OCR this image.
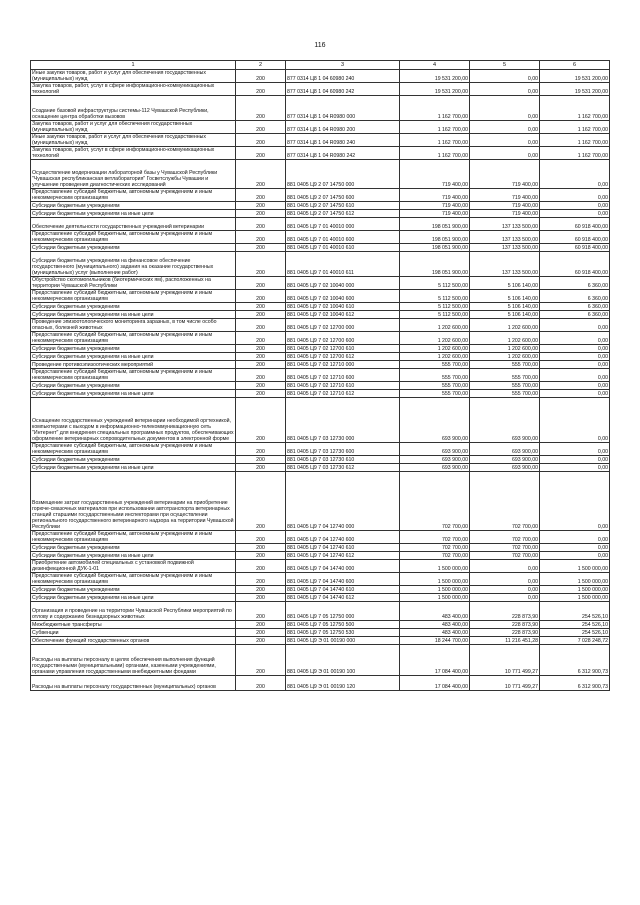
116
1	2	3	4	5	6
Иные закупки товаров, работ и услуг для обеспечения государственных (муниципальных) нужд	200	877 0314 Ц8 1 04 60980 240	19 531 200,00	0,00	19 531 200,00
Закупка товаров, работ, услуг в сфере информационно-коммуникационных технологий	200	877 0314 Ц8 1 04 60980 242	19 531 200,00	0,00	19 531 200,00
Создание базовой инфраструктуры системы-112 Чувашской Республики, оснащение центра обработки вызовов	200	877 0314 Ц8 1 04 R0980 000	1 162 700,00	0,00	1 162 700,00
Закупка товаров, работ и услуг для обеспечения государственных (муниципальных) нужд	200	877 0314 Ц8 1 04 R0980 200	1 162 700,00	0,00	1 162 700,00
Иные закупки товаров, работ и услуг для обеспечения государственных (муниципальных) нужд	200	877 0314 Ц8 1 04 R0980 240	1 162 700,00	0,00	1 162 700,00
Закупка товаров, работ, услуг в сфере информационно-коммуникационных технологий	200	877 0314 Ц8 1 04 R0980 242	1 162 700,00	0,00	1 162 700,00
Осуществление модернизации лабораторной базы у Чувашской Республики "Чувашская республиканская ветлаборатория" Госветслужбы Чувашии и улучшение проведения диагностических исследований	200	881 0405 Ц9 2 07 14750 000	719 400,00	719 400,00	0,00
Предоставление субсидий бюджетным, автономным учреждениям и иным некоммерческим организациям	200	881 0405 Ц9 2 07 14750 600	719 400,00	719 400,00	0,00
Субсидии бюджетным учреждениям	200	881 0405 Ц9 2 07 14750 610	719 400,00	719 400,00	0,00
Субсидии бюджетным учреждениям на иные цели	200	881 0405 Ц9 2 07 14750 612	719 400,00	719 400,00	0,00
Обеспечение деятельности государственных учреждений ветеринарии	200	881 0405 Ц9 7 01 40010 000	198 051 900,00	137 133 500,00	60 918 400,00
Предоставление субсидий бюджетным, автономным учреждениям и иным некоммерческим организациям	200	881 0405 Ц9 7 01 40010 600	198 051 900,00	137 133 500,00	60 918 400,00
Субсидии бюджетным учреждениям	200	881 0405 Ц9 7 01 40010 610	198 051 900,00	137 133 500,00	60 918 400,00
Субсидии бюджетным учреждениям на финансовое обеспечение государственного (муниципального) задания на оказание государственных (муниципальных) услуг (выполнение работ)	200	881 0405 Ц9 7 01 40010 611	198 051 900,00	137 133 500,00	60 918 400,00
Обустройство скотомогильников (биотермических ям), расположенных на территории Чувашской Республики	200	881 0405 Ц9 7 02 10040 000	5 112 500,00	5 106 140,00	6 360,00
Предоставление субсидий бюджетным, автономным учреждениям и иным некоммерческим организациям	200	881 0405 Ц9 7 02 10040 600	5 112 500,00	5 106 140,00	6 360,00
Субсидии бюджетным учреждениям	200	881 0405 Ц9 7 02 10040 610	5 112 500,00	5 106 140,00	6 360,00
Субсидии бюджетным учреждениям на иные цели	200	881 0405 Ц9 7 02 10040 612	5 112 500,00	5 106 140,00	6 360,00
Проведение эпизоотологического мониторинга заразных, в том числе особо опасных, болезней животных	200	881 0405 Ц9 7 02 12700 000	1 202 600,00	1 202 600,00	0,00
Предоставление субсидий бюджетным, автономным учреждениям и иным некоммерческим организациям	200	881 0405 Ц9 7 02 12700 600	1 202 600,00	1 202 600,00	0,00
Субсидии бюджетным учреждениям	200	881 0405 Ц9 7 02 12700 610	1 202 600,00	1 202 600,00	0,00
Субсидии бюджетным учреждениям на иные цели	200	881 0405 Ц9 7 02 12700 612	1 202 600,00	1 202 600,00	0,00
Проведение противоэпизоотических мероприятий	200	881 0405 Ц9 7 02 12710 000	555 700,00	555 700,00	0,00
Предоставление субсидий бюджетным, автономным учреждениям и иным некоммерческим организациям	200	881 0405 Ц9 7 02 12710 600	555 700,00	555 700,00	0,00
Субсидии бюджетным учреждениям	200	881 0405 Ц9 7 02 12710 610	555 700,00	555 700,00	0,00
Субсидии бюджетным учреждениям на иные цели	200	881 0405 Ц9 7 02 12710 612	555 700,00	555 700,00	0,00
Оснащение государственных учреждений ветеринарии необходимой оргтехникой, компьютерами с выходом в информационно-телекоммуникационную сеть "Интернет" для внедрения специальных программных продуктов, обеспечивающих оформление ветеринарных сопроводительных документов в электронной форме	200	881 0405 Ц9 7 03 12730 000	693 900,00	693 900,00	0,00
Предоставление субсидий бюджетным, автономным учреждениям и иным некоммерческим организациям	200	881 0405 Ц9 7 03 12730 600	693 900,00	693 900,00	0,00
Субсидии бюджетным учреждениям	200	881 0405 Ц9 7 03 12730 610	693 900,00	693 900,00	0,00
Субсидии бюджетным учреждениям на иные цели	200	881 0405 Ц9 7 03 12730 612	693 900,00	693 900,00	0,00
Возмещение затрат государственных учреждений ветеринарии на приобретение горюче-смазочных материалов при использовании автотранспорта ветеринарных станций старшими государственными инспекторами при осуществлении регионального государственного ветеринарного надзора на территории Чувашской Республики	200	881 0405 Ц9 7 04 12740 000	702 700,00	702 700,00	0,00
Предоставление субсидий бюджетным, автономным учреждениям и иным некоммерческим организациям	200	881 0405 Ц9 7 04 12740 600	702 700,00	702 700,00	0,00
Субсидии бюджетным учреждениям	200	881 0405 Ц9 7 04 12740 610	702 700,00	702 700,00	0,00
Субсидии бюджетным учреждениям на иные цели	200	881 0405 Ц9 7 04 12740 612	702 700,00	702 700,00	0,00
Приобретение автомобилей специальных с установкой подвижной дезинфекционной ДУК-1-01	200	881 0405 Ц9 7 04 14740 000	1 500 000,00	0,00	1 500 000,00
Предоставление субсидий бюджетным, автономным учреждениям и иным некоммерческим организациям	200	881 0405 Ц9 7 04 14740 600	1 500 000,00	0,00	1 500 000,00
Субсидии бюджетным учреждениям	200	881 0405 Ц9 7 04 14740 610	1 500 000,00	0,00	1 500 000,00
Субсидии бюджетным учреждениям на иные цели	200	881 0405 Ц9 7 04 14740 612	1 500 000,00	0,00	1 500 000,00
Организация и проведение на территории Чувашской Республики мероприятий по отлову и содержанию безнадзорных животных	200	881 0405 Ц9 7 05 12750 000	483 400,00	228 873,90	254 526,10
Межбюджетные трансферты	200	881 0405 Ц9 7 05 12750 500	483 400,00	228 873,90	254 526,10
Субвенции	200	881 0405 Ц9 7 05 12750 530	483 400,00	228 873,90	254 526,10
Обеспечение функций государственных органов	200	881 0405 Ц9 Э 01 00190 000	18 244 700,00	11 216 451,28	7 028 248,72
Расходы на выплаты персоналу в целях обеспечения выполнения функций государственными (муниципальными) органами, казенными учреждениями, органами управления государственными внебюджетными фондами	200	881 0405 Ц9 Э 01 00190 100	17 084 400,00	10 771 499,27	6 312 900,73
Расходы на выплаты персоналу государственных (муниципальных) органов	200	881 0405 Ц9 Э 01 00190 120	17 084 400,00	10 771 499,27	6 312 900,73
